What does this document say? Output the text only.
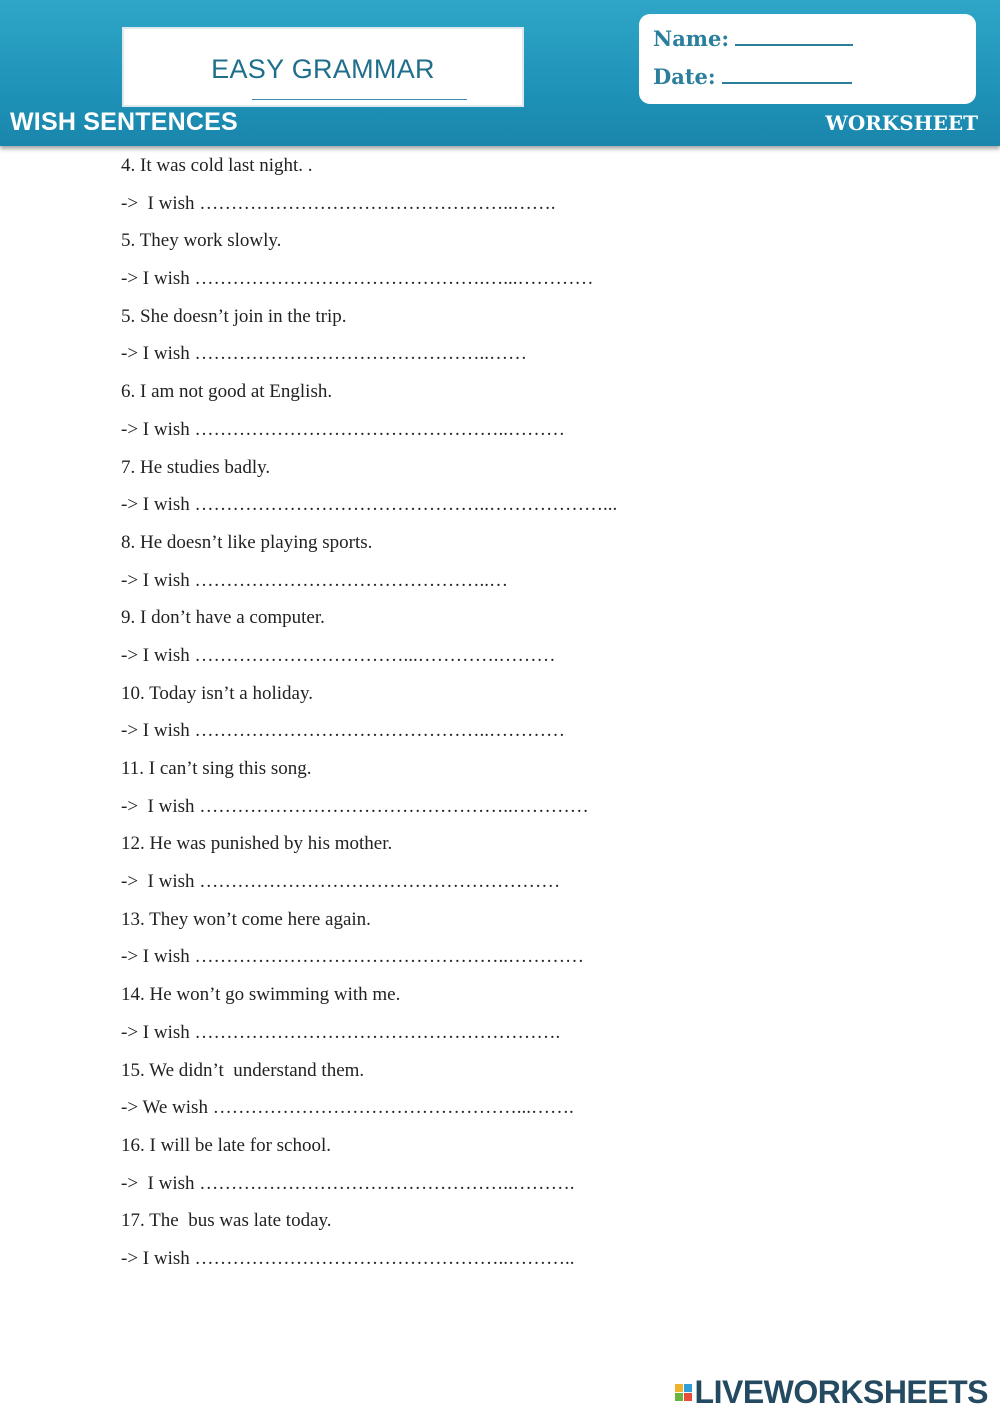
EASY GRAMMAR
Name:
Date:
WISH SENTENCES	WORKSHEET
4. It was cold last night. .
->  I wish …………………………………………..…….
5. They work slowly.
-> I wish ……………………………………….…...…………
5. She doesn’t join in the trip.
-> I wish ………………………………………..……
6. I am not good at English.
-> I wish …………………………………………..………
7. He studies badly.
-> I wish ………………………………………..………………...
8. He doesn’t like playing sports.
-> I wish ………………………………………..…
9. I don’t have a computer.
-> I wish ……………………………...………….………
10. Today isn’t a holiday.
-> I wish ………………………………………..…………
11. I can’t sing this song.
->  I wish …………………………………………..…………
12. He was punished by his mother.
->  I wish …………………………………………………
13. They won’t come here again.
-> I wish …………………………………………..…………
14. He won’t go swimming with me.
-> I wish ………………………………………………….
15. We didn’t  understand them.
-> We wish …………………………………………...…….
16. I will be late for school.
->  I wish …………………………………………..……….
17. The  bus was late today.
-> I wish …………………………………………..………..
LIVEWORKSHEETS
